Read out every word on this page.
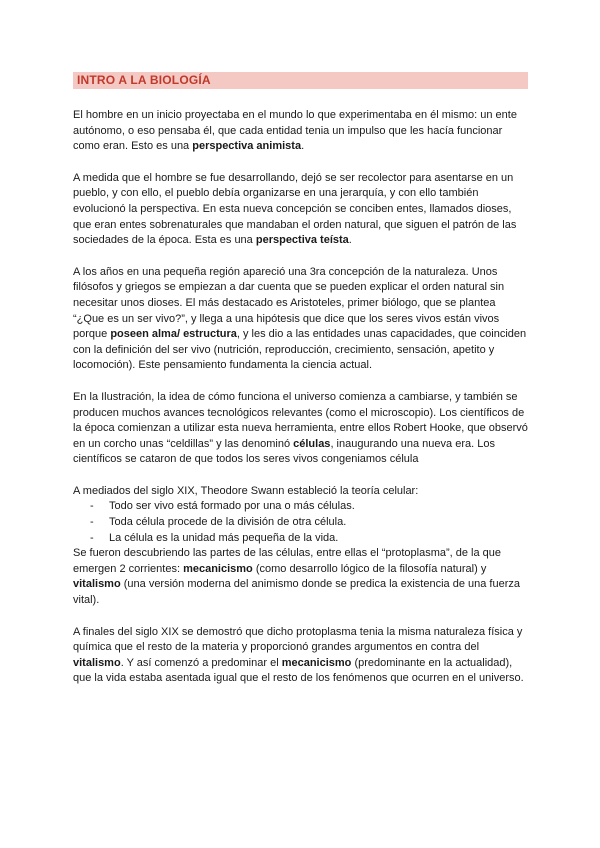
INTRO A LA BIOLOGÍA

El hombre en un inicio proyectaba en el mundo lo que experimentaba en él mismo: un ente autónomo, o eso pensaba él, que cada entidad tenia un impulso que les hacía funcionar como eran. Esto es una perspectiva animista.

A medida que el hombre se fue desarrollando, dejó se ser recolector para asentarse en un pueblo, y con ello, el pueblo debía organizarse en una jerarquía, y con ello también evolucionó la perspectiva. En esta nueva concepción se conciben entes, llamados dioses, que eran entes sobrenaturales que mandaban el orden natural, que siguen el patrón de las sociedades de la época. Esta es una perspectiva teísta.

A los años en una pequeña región apareció una 3ra concepción de la naturaleza. Unos filósofos y griegos se empiezan a dar cuenta que se pueden explicar el orden natural sin necesitar unos dioses. El más destacado es Aristoteles, primer biólogo, que se plantea “¿Que es un ser vivo?”, y llega a una hipótesis que dice que los seres vivos están vivos porque poseen alma/ estructura, y les dio a las entidades unas capacidades, que coinciden con la definición del ser vivo (nutrición, reproducción, crecimiento, sensación, apetito y locomoción). Este pensamiento fundamenta la ciencia actual.

En la Ilustración, la idea de cómo funciona el universo comienza a cambiarse, y también se producen muchos avances tecnológicos relevantes (como el microscopio). Los científicos de la época comienzan a utilizar esta nueva herramienta, entre ellos Robert Hooke, que observó en un corcho unas “celdillas” y las denominó células, inaugurando una nueva era. Los científicos se cataron de que todos los seres vivos congeniamos célula

A mediados del siglo XIX, Theodore Swann estableció la teoría celular:

- Todo ser vivo está formado por una o más células.
- Toda célula procede de la división de otra célula.
- La célula es la unidad más pequeña de la vida.

Se fueron descubriendo las partes de las células, entre ellas el “protoplasma”, de la que emergen 2 corrientes: mecanicismo (como desarrollo lógico de la filosofía natural) y vitalismo (una versión moderna del animismo donde se predica la existencia de una fuerza vital).

A finales del siglo XIX se demostró que dicho protoplasma tenia la misma naturaleza física y química que el resto de la materia y proporcionó grandes argumentos en contra del vitalismo. Y así comenzó a predominar el mecanicismo (predominante en la actualidad), que la vida estaba asentada igual que el resto de los fenómenos que ocurren en el universo.
